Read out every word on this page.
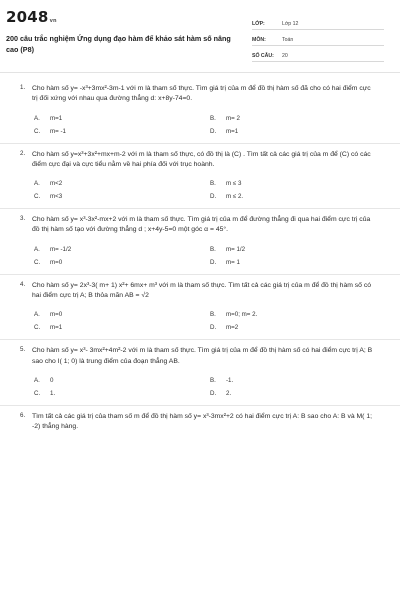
2048vn
200 câu trắc nghiệm Ứng dụng đạo hàm để khảo sát hàm số nâng cao (P8)
LỚP:	Lớp 12
MÔN:	Toán
SỐ CÂU:	20
1. Cho hàm số y= -x³+3mx²-3m-1 với m là tham số thực. Tìm giá trị của m để đồ thị hàm số đã cho có hai điểm cực trị đối xứng với nhau qua đường thẳng d: x+8y-74=0.
A.	m=1	B.	m= 2
C. m= -1	D. m=1
2. Cho hàm số y=x³+3x²+mx+m-2 với m là tham số thực, có đồ thị là (C) . Tìm tất cả các giá trị của m để (C) có các điểm cực đại và cực tiểu nằm về hai phía đối với trục hoành.
A.	m<2	B.	m ≤ 3
C. m<3	D. m ≤ 2.
3. Cho hàm số y= x³-3x²-mx+2 với m là tham số thực. Tìm giá trị của m để đường thẳng đi qua hai điểm cực trị của đồ thị hàm số tạo với đường thẳng d ; x+4y-5=0 một góc α = 45°.
A.	m= -1/2	B.	m= 1/2
C. m=0	D. m= 1
4. Cho hàm số y= 2x³-3( m+ 1) x²+ 6mx+ m³ với m là tham số thực. Tìm tất cả các giá trị của m để đồ thị hàm số có hai điểm cực trị A; B thỏa mãn AB = √2
A.	m=0	B.	m=0; m= 2.
C. m=1	D. m=2
5. Cho hàm số y= x³- 3mx²+4m²-2 với m là tham số thực. Tìm giá trị của m để đồ thị hàm số có hai điểm cực trị A; B sao cho I( 1; 0) là trung điểm của đoạn thẳng AB.
A.	0	B.	-1.
C. 1.	D. 2.
6. Tìm tất cả các giá trị của tham số m để đồ thị hàm số y= x³-3mx²+2 có hai điểm cực trị A: B sao cho A: B và M( 1; -2) thẳng hàng.
